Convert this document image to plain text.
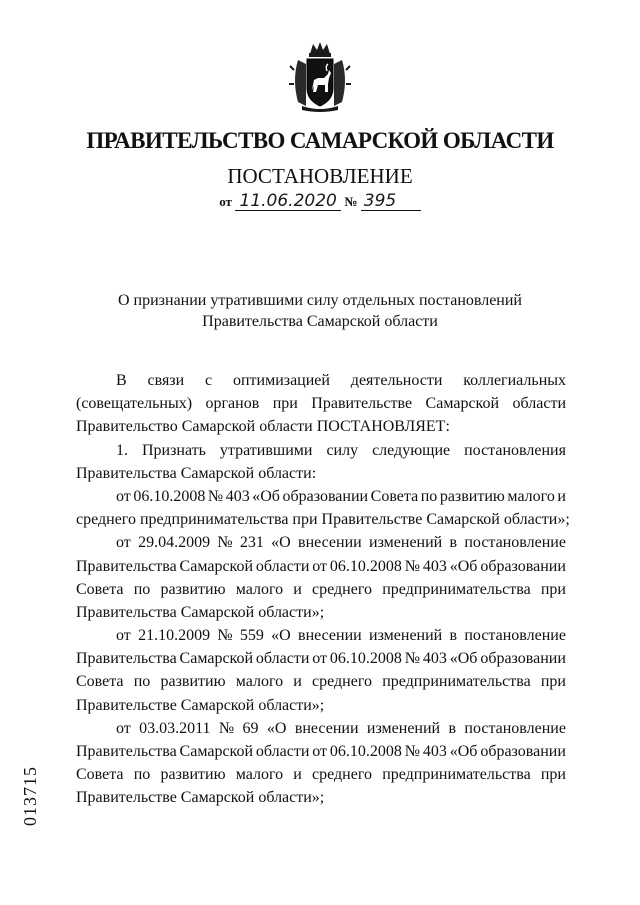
ПРАВИТЕЛЬСТВО САМАРСКОЙ ОБЛАСТИ
ПОСТАНОВЛЕНИЕ
от 11.06.2020 № 395
О признании утратившими силу отдельных постановлений
Правительства Самарской области
В связи с оптимизацией деятельности коллегиальных
(совещательных) органов при Правительстве Самарской области
Правительство Самарской области ПОСТАНОВЛЯЕТ:
1. Признать утратившими силу следующие постановления
Правительства Самарской области:
от 06.10.2008 № 403 «Об образовании Совета по развитию малого и
среднего предпринимательства при Правительстве Самарской области»;
от 29.04.2009 № 231 «О внесении изменений в постановление
Правительства Самарской области от 06.10.2008 № 403 «Об образовании
Совета по развитию малого и среднего предпринимательства при
Правительства Самарской области»;
от 21.10.2009 № 559 «О внесении изменений в постановление
Правительства Самарской области от 06.10.2008 № 403 «Об образовании
Совета по развитию малого и среднего предпринимательства при
Правительстве Самарской области»;
от 03.03.2011 № 69 «О внесении изменений в постановление
Правительства Самарской области от 06.10.2008 № 403 «Об образовании
Совета по развитию малого и среднего предпринимательства при
Правительстве Самарской области»;
013715
